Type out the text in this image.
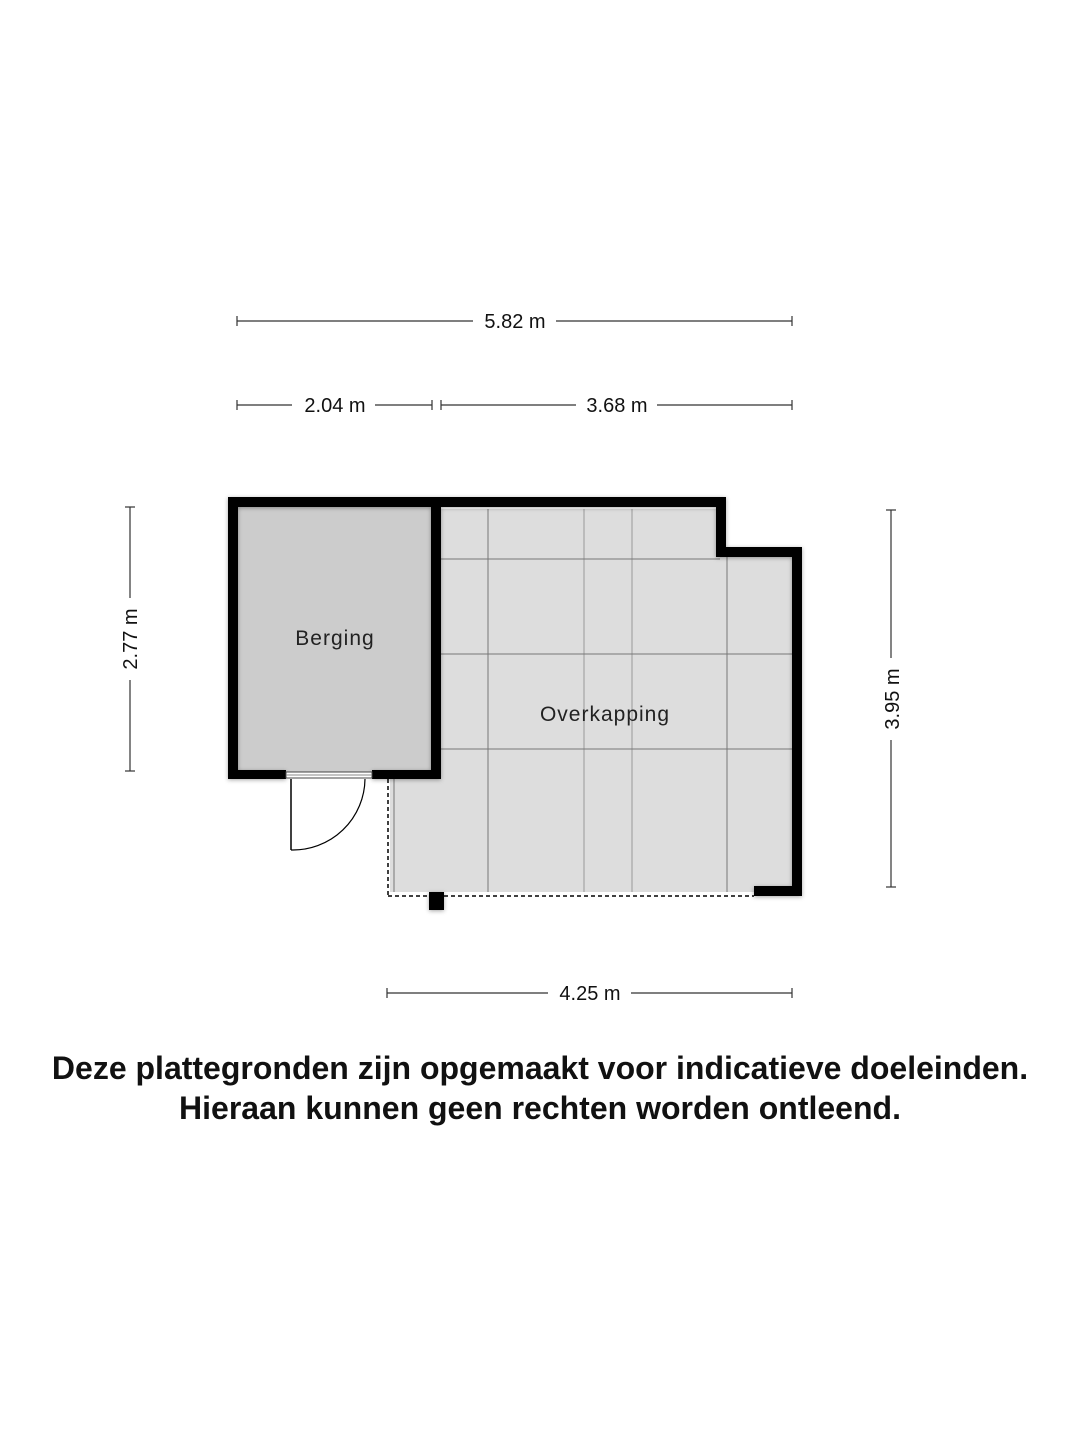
Berging
Overkapping
5.82 m
2.04 m	3.68 m
2.77 m
3.95 m
4.25 m
Deze plattegronden zijn opgemaakt voor indicatieve doeleinden.
Hieraan kunnen geen rechten worden ontleend.
